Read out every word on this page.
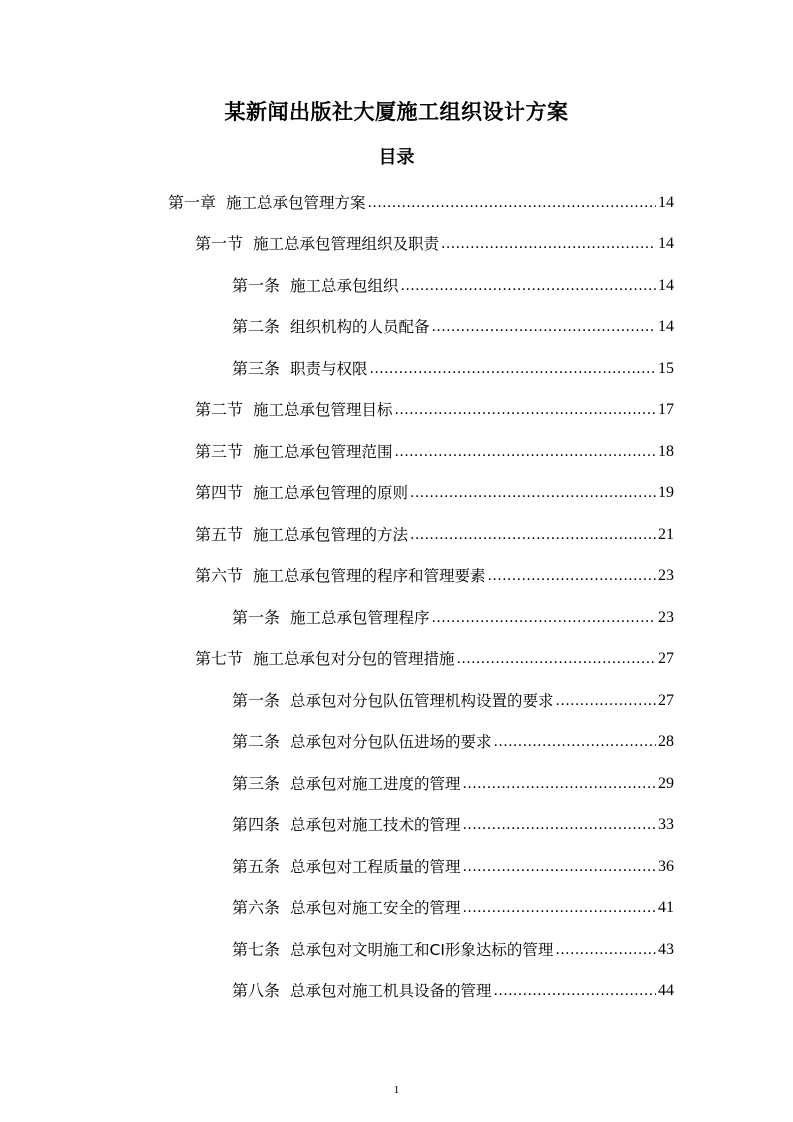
某新闻出版社大厦施工组织设计方案
目录
第一章 施工总承包管理方案 .....	14
第一节 施工总承包管理组织及职责 .....	14
第一条 施工总承包组织 .....	14
第二条 组织机构的人员配备 .....	14
第三条 职责与权限 .....	15
第二节 施工总承包管理目标 .....	17
第三节 施工总承包管理范围 .....	18
第四节 施工总承包管理的原则 .....	19
第五节 施工总承包管理的方法 .....	21
第六节 施工总承包管理的程序和管理要素 .....	23
第一条 施工总承包管理程序 .....	23
第七节 施工总承包对分包的管理措施 .....	27
第一条 总承包对分包队伍管理机构设置的要求 .....	27
第二条 总承包对分包队伍进场的要求 .....	28
第三条 总承包对施工进度的管理 .....	29
第四条 总承包对施工技术的管理 .....	33
第五条 总承包对工程质量的管理 .....	36
第六条 总承包对施工安全的管理 .....	41
第七条 总承包对文明施工和CI形象达标的管理 .....	43
第八条 总承包对施工机具设备的管理 .....	44
1
